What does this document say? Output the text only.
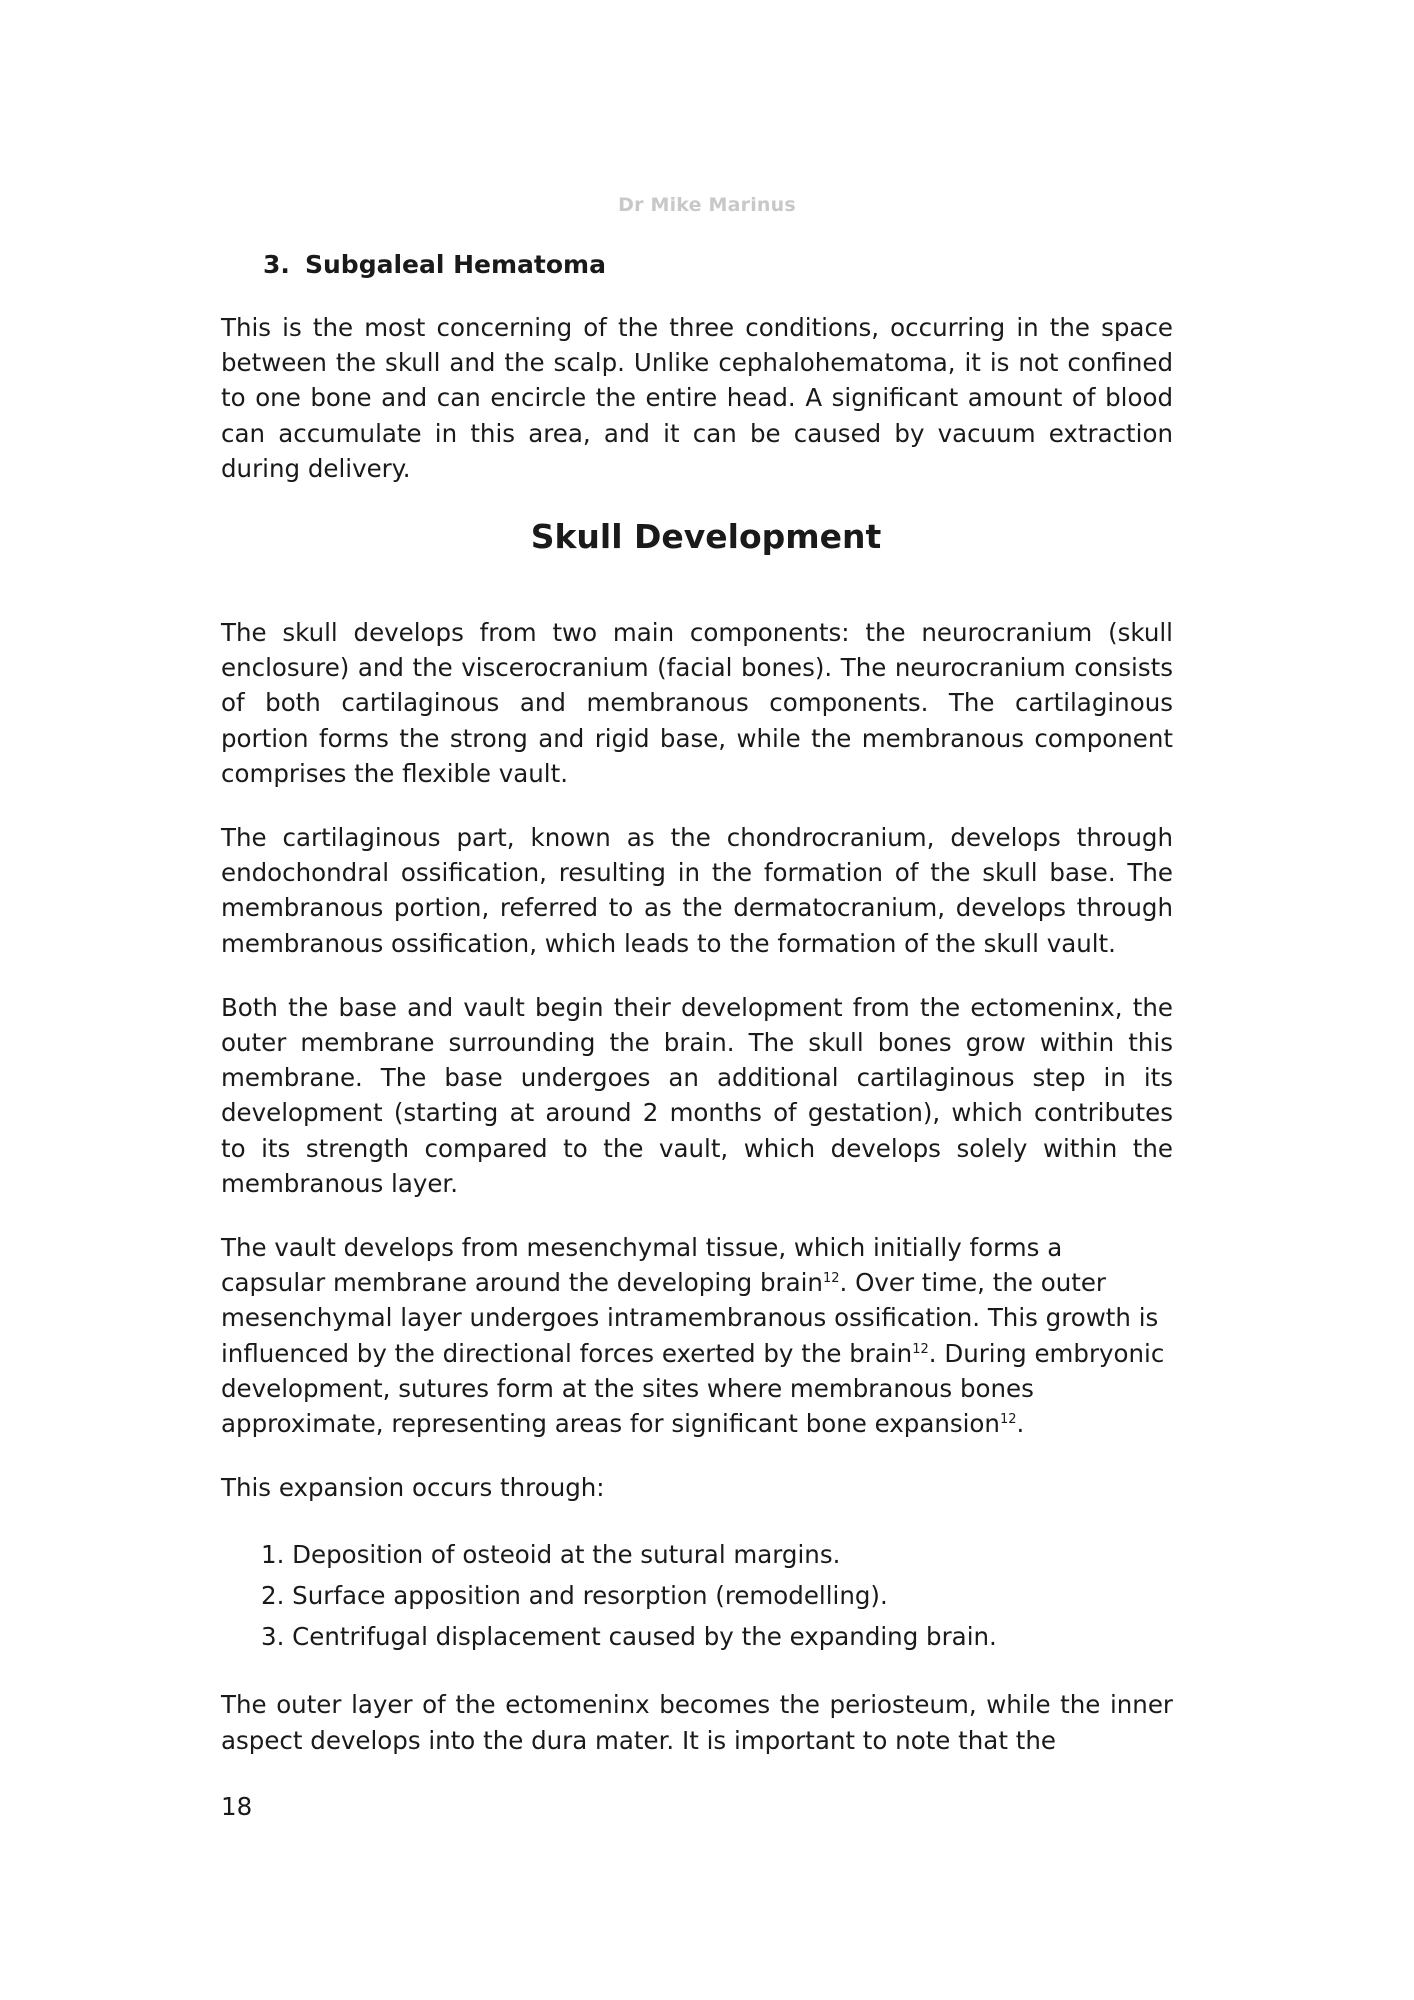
Dr Mike Marinus
3. Subgaleal Hematoma

This is the most concerning of the three conditions, occurring in the space between the skull and the scalp. Unlike cephalohematoma, it is not confined to one bone and can encircle the entire head. A significant amount of blood can accumulate in this area, and it can be caused by vacuum extraction during delivery.

Skull Development

The skull develops from two main components: the neurocranium (skull enclosure) and the viscerocranium (facial bones). The neurocranium consists of both cartilaginous and membranous components. The cartilaginous portion forms the strong and rigid base, while the membranous component comprises the flexible vault.

The cartilaginous part, known as the chondrocranium, develops through endochondral ossification, resulting in the formation of the skull base. The membranous portion, referred to as the dermatocranium, develops through membranous ossification, which leads to the formation of the skull vault.

Both the base and vault begin their development from the ectomeninx, the outer membrane surrounding the brain. The skull bones grow within this membrane. The base undergoes an additional cartilaginous step in its development (starting at around 2 months of gestation), which contributes to its strength compared to the vault, which develops solely within the membranous layer.

The vault develops from mesenchymal tissue, which initially forms a capsular membrane around the developing brain$^{12}$. Over time, the outer mesenchymal layer undergoes intramembranous ossification. This growth is influenced by the directional forces exerted by the brain$^{12}$. During embryonic development, sutures form at the sites where membranous bones approximate, representing areas for significant bone expansion$^{12}$.

This expansion occurs through:

1. Deposition of osteoid at the sutural margins.
2. Surface apposition and resorption (remodelling).
3. Centrifugal displacement caused by the expanding brain.

The outer layer of the ectomeninx becomes the periosteum, while the inner aspect develops into the dura mater. It is important to note that the

18
